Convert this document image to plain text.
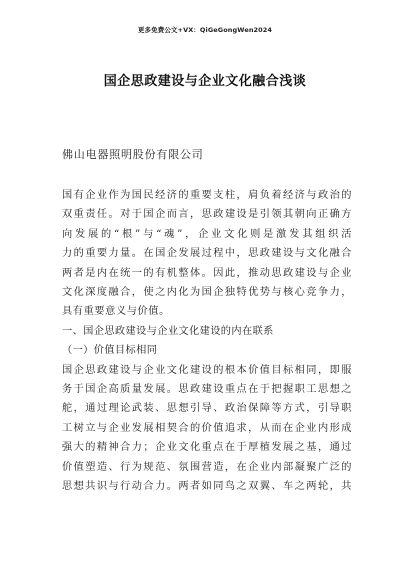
更多免费公文+VX：QiGeGongWen2024
国企思政建设与企业文化融合浅谈
佛山电器照明股份有限公司
国有企业作为国民经济的重要支柱，肩负着经济与政治的
双重责任。对于国企而言，思政建设是引领其朝向正确方
向发展的“根”与“魂”，企业文化则是激发其组织活
力的重要力量。在国企发展过程中，思政建设与文化融合
两者是内在统一的有机整体。因此，推动思政建设与企业
文化深度融合，使之内化为国企独特优势与核心竞争力，
具有重要意义与价值。
一、国企思政建设与企业文化建设的内在联系
（一）价值目标相同
国企思政建设与企业文化建设的根本价值目标相同，即服
务于国企高质量发展。思政建设重点在于把握职工思想之
舵，通过理论武装、思想引导、政治保障等方式，引导职
工树立与企业发展相契合的价值追求，从而在企业内形成
强大的精神合力；企业文化重点在于厚植发展之基，通过
价值塑造、行为规范、氛围营造，在企业内部凝聚广泛的
思想共识与行动合力。两者如同鸟之双翼、车之两轮，共
